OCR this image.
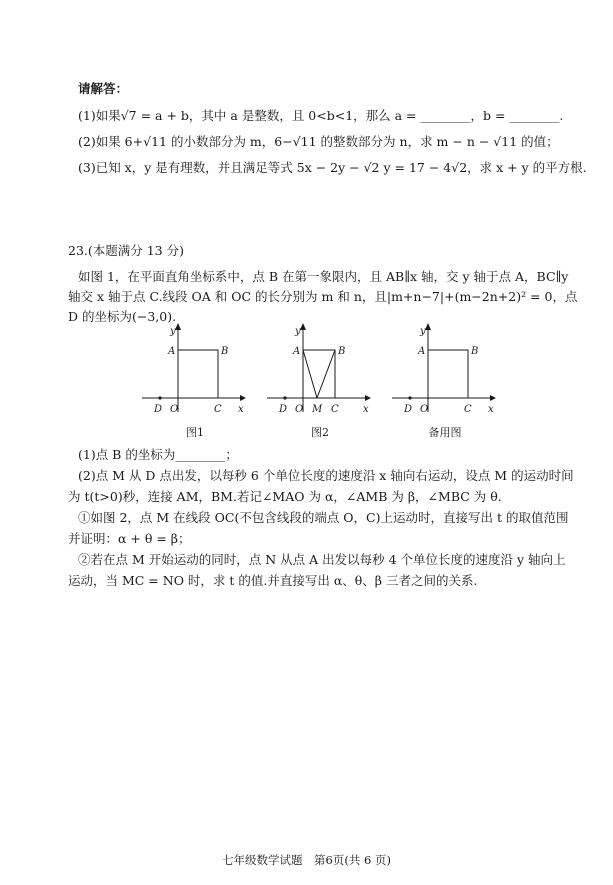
请解答：
(1)如果√7 = a + b，其中 a 是整数，且 0<b<1，那么 a = ________，b = ________.
(2)如果 6+√11 的小数部分为 m，6−√11 的整数部分为 n，求 m − n − √11 的值；
(3)已知 x，y 是有理数，并且满足等式 5x − 2y − √2 y = 17 − 4√2，求 x + y 的平方根.
23.(本题满分 13 分)
如图 1，在平面直角坐标系中，点 B 在第一象限内，且 AB∥x 轴，交 y 轴于点 A，BC∥y
轴交 x 轴于点 C.线段 OA 和 OC 的长分别为 m 和 n，且|m+n−7|+(m−2n+2)² = 0，点
D 的坐标为(−3,0).
y
A	B
D O	C x
图1
y
A	B
D O M C x
图2
y
A	B
D O	C x
备用图
(1)点 B 的坐标为________；
(2)点 M 从 D 点出发，以每秒 6 个单位长度的速度沿 x 轴向右运动，设点 M 的运动时间
为 t(t>0)秒，连接 AM，BM.若记∠MAO 为 α，∠AMB 为 β，∠MBC 为 θ.
①如图 2，点 M 在线段 OC(不包含线段的端点 O，C)上运动时，直接写出 t 的取值范围
并证明：α + θ = β；
②若在点 M 开始运动的同时，点 N 从点 A 出发以每秒 4 个单位长度的速度沿 y 轴向上
运动，当 MC = NO 时，求 t 的值.并直接写出 α、θ、β 三者之间的关系.
七年级数学试题　第6页(共 6 页)
